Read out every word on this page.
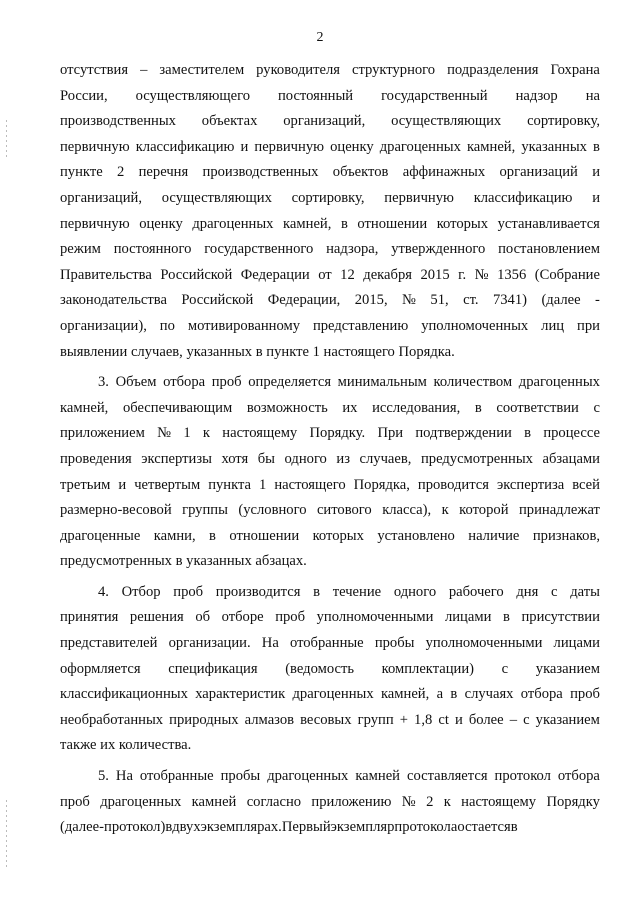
2
отсутствия – заместителем руководителя структурного подразделения Гохрана
России, осуществляющего постоянный государственный надзор на
производственных объектах организаций, осуществляющих сортировку,
первичную классификацию и первичную оценку драгоценных камней, указанных в
пункте 2 перечня производственных объектов аффинажных организаций и
организаций, осуществляющих сортировку, первичную классификацию и
первичную оценку драгоценных камней, в отношении которых устанавливается
режим постоянного государственного надзора, утвержденного постановлением
Правительства Российской Федерации от 12 декабря 2015 г. № 1356 (Собрание
законодательства Российской Федерации, 2015, № 51, ст. 7341) (далее -
организации), по мотивированному представлению уполномоченных лиц при
выявлении случаев, указанных в пункте 1 настоящего Порядка.
3. Объем отбора проб определяется минимальным количеством драгоценных
камней, обеспечивающим возможность их исследования, в соответствии с
приложением № 1 к настоящему Порядку. При подтверждении в процессе
проведения экспертизы хотя бы одного из случаев, предусмотренных абзацами
третьим и четвертым пункта 1 настоящего Порядка, проводится экспертиза всей
размерно-весовой группы (условного ситового класса), к которой принадлежат
драгоценные камни, в отношении которых установлено наличие признаков,
предусмотренных в указанных абзацах.
4. Отбор проб производится в течение одного рабочего дня с даты
принятия решения об отборе проб уполномоченными лицами в присутствии
представителей организации. На отобранные пробы уполномоченными лицами
оформляется спецификация (ведомость комплектации) с указанием
классификационных характеристик драгоценных камней, а в случаях отбора проб
необработанных природных алмазов весовых групп + 1,8 ct и более – с указанием
также их количества.
5. На отобранные пробы драгоценных камней составляется протокол отбора
проб драгоценных камней согласно приложению № 2 к настоящему Порядку
(далее - протокол) в двух экземплярах. Первый экземпляр протокола остается в
